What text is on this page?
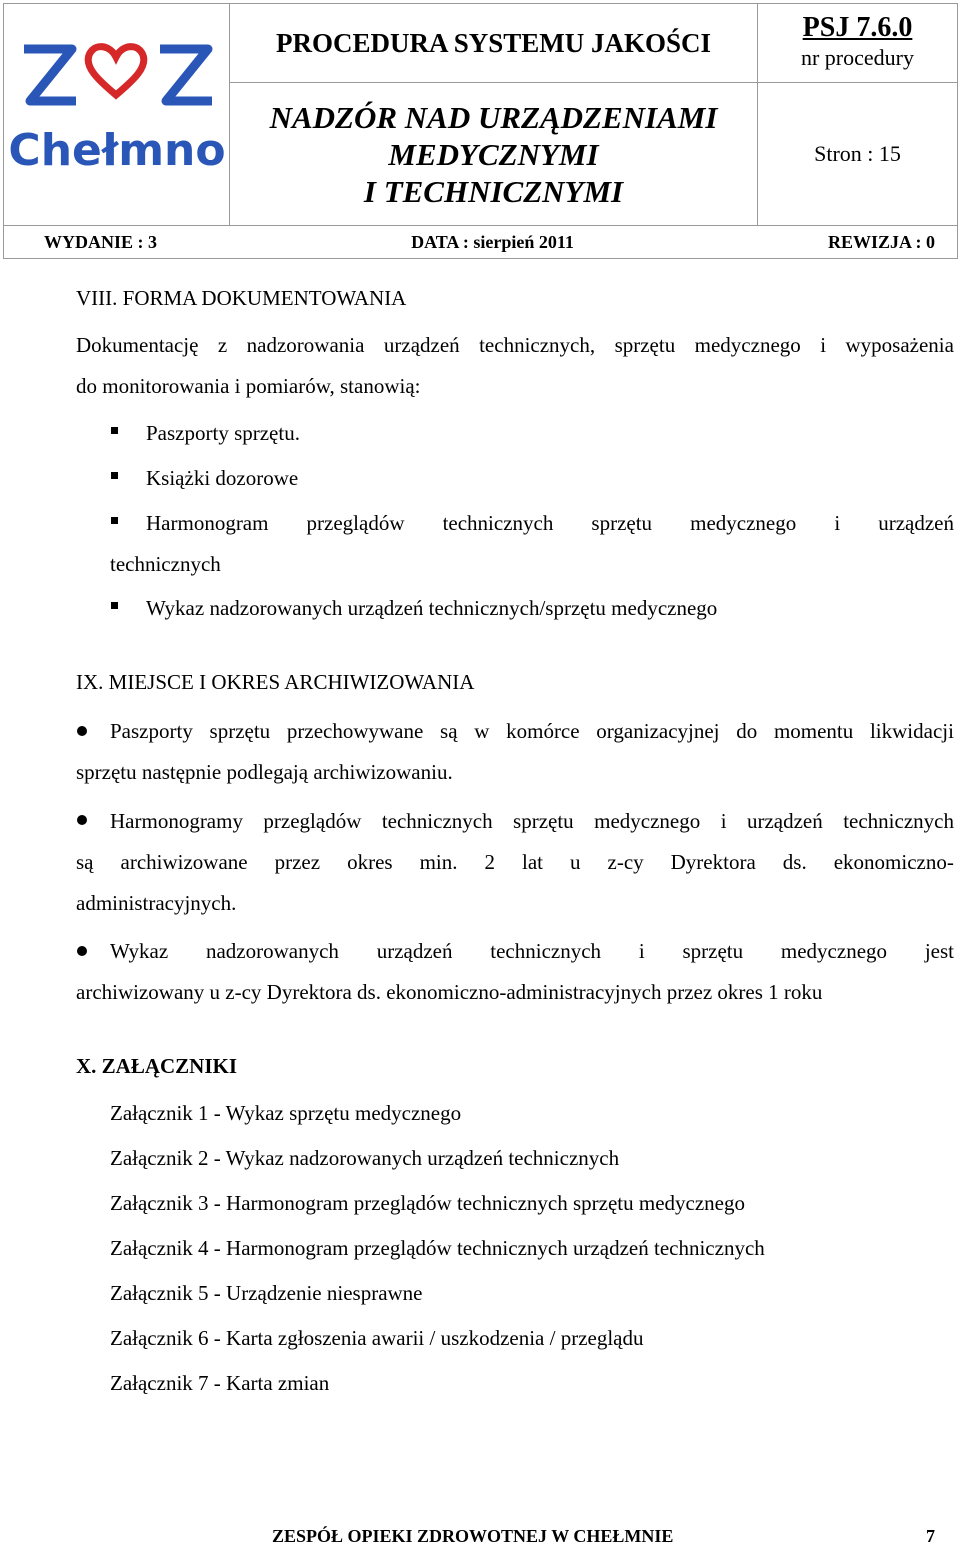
Chełmno	PROCEDURA SYSTEMU JAKOŚCI	PSJ 7.6.0
nr procedury

	NADZÓR NAD URZĄDZENIAMI
MEDYCZNYMI
I TECHNICZNYMI	Stron : 15

WYDANIE : 3 DATA : sierpień 2011 REWIZJA : 0		
VIII. FORMA DOKUMENTOWANIA
Dokumentację z nadzorowania urządzeń technicznych, sprzętu medycznego i wyposażenia
do monitorowania i pomiarów, stanowią:
Paszporty sprzętu.
Książki dozorowe
Harmonogram przeglądów technicznych sprzętu medycznego i urządzeń
technicznych
Wykaz nadzorowanych urządzeń technicznych/sprzętu medycznego
IX. MIEJSCE I OKRES ARCHIWIZOWANIA
Paszporty sprzętu przechowywane są w komórce organizacyjnej do momentu likwidacji
sprzętu następnie podlegają archiwizowaniu.
Harmonogramy przeglądów technicznych sprzętu medycznego i urządzeń technicznych
są archiwizowane przez okres min. 2 lat u z-cy Dyrektora ds. ekonomiczno-
administracyjnych.
Wykaz nadzorowanych urządzeń technicznych i sprzętu medycznego jest
archiwizowany u z-cy Dyrektora ds. ekonomiczno-administracyjnych przez okres 1 roku
X. ZAŁĄCZNIKI
Załącznik 1 - Wykaz sprzętu medycznego
Załącznik 2 - Wykaz nadzorowanych urządzeń technicznych
Załącznik 3 - Harmonogram przeglądów technicznych sprzętu medycznego
Załącznik 4 - Harmonogram przeglądów technicznych urządzeń technicznych
Załącznik 5 - Urządzenie niesprawne
Załącznik 6 - Karta zgłoszenia awarii / uszkodzenia / przeglądu
Załącznik 7 - Karta zmian
ZESPÓŁ OPIEKI ZDROWOTNEJ W CHEŁMNIE	7
